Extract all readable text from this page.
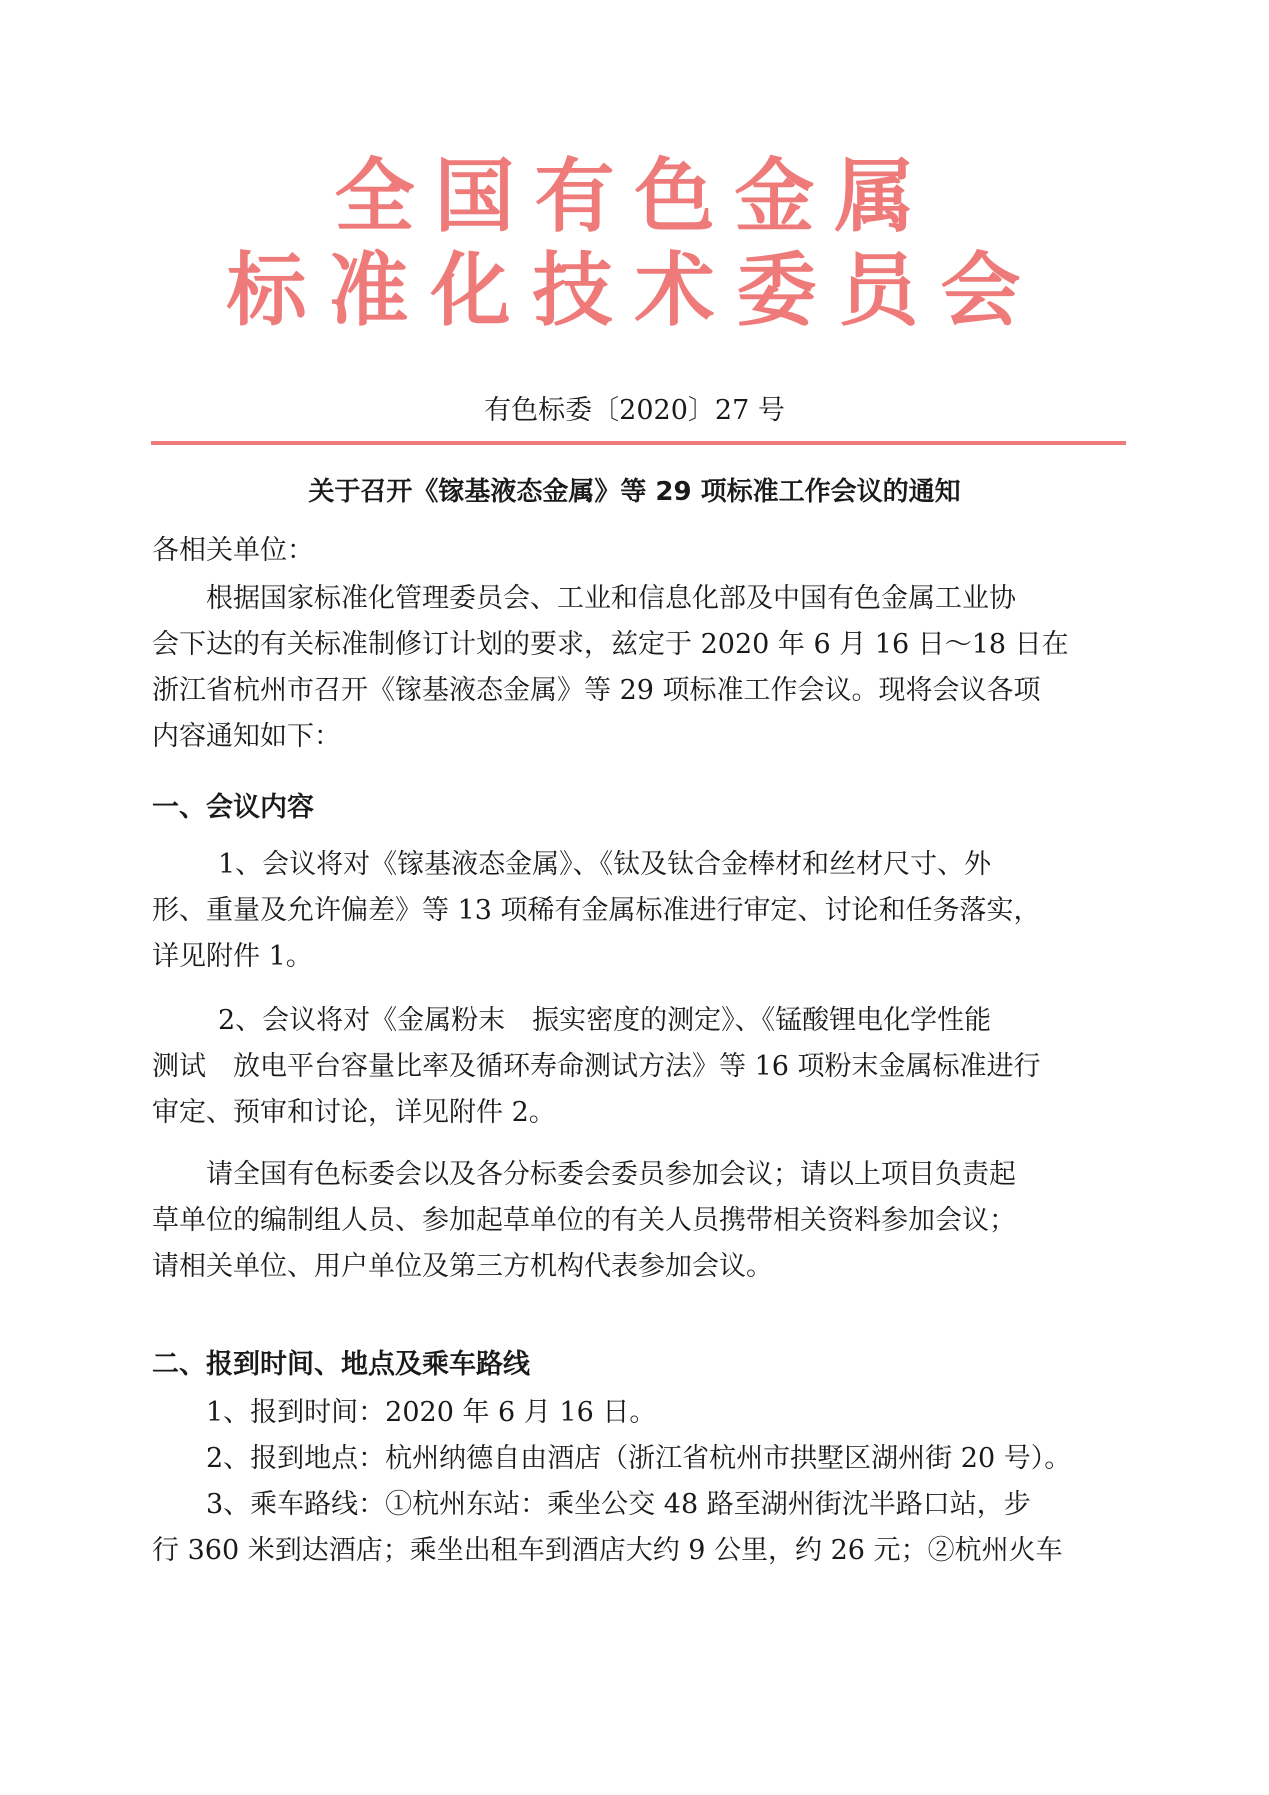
全国有色金属
标准化技术委员会
有色标委〔2020〕27 号
关于召开《镓基液态金属》等 29 项标准工作会议的通知
各相关单位：
根据国家标准化管理委员会、工业和信息化部及中国有色金属工业协
会下达的有关标准制修订计划的要求，兹定于 2020 年 6 月 16 日～18 日在
浙江省杭州市召开《镓基液态金属》等 29 项标准工作会议。现将会议各项
内容通知如下：
一、会议内容
1、会议将对《镓基液态金属》、《钛及钛合金棒材和丝材尺寸、外
形、重量及允许偏差》等 13 项稀有金属标准进行审定、讨论和任务落实，
详见附件 1。
2、会议将对《金属粉末　振实密度的测定》、《锰酸锂电化学性能
测试　放电平台容量比率及循环寿命测试方法》等 16 项粉末金属标准进行
审定、预审和讨论，详见附件 2。
请全国有色标委会以及各分标委会委员参加会议；请以上项目负责起
草单位的编制组人员、参加起草单位的有关人员携带相关资料参加会议；
请相关单位、用户单位及第三方机构代表参加会议。
二、报到时间、地点及乘车路线
1、报到时间：2020 年 6 月 16 日。
2、报到地点：杭州纳德自由酒店（浙江省杭州市拱墅区湖州街 20 号）。
3、乘车路线：①杭州东站：乘坐公交 48 路至湖州街沈半路口站，步
行 360 米到达酒店；乘坐出租车到酒店大约 9 公里，约 26 元；②杭州火车
